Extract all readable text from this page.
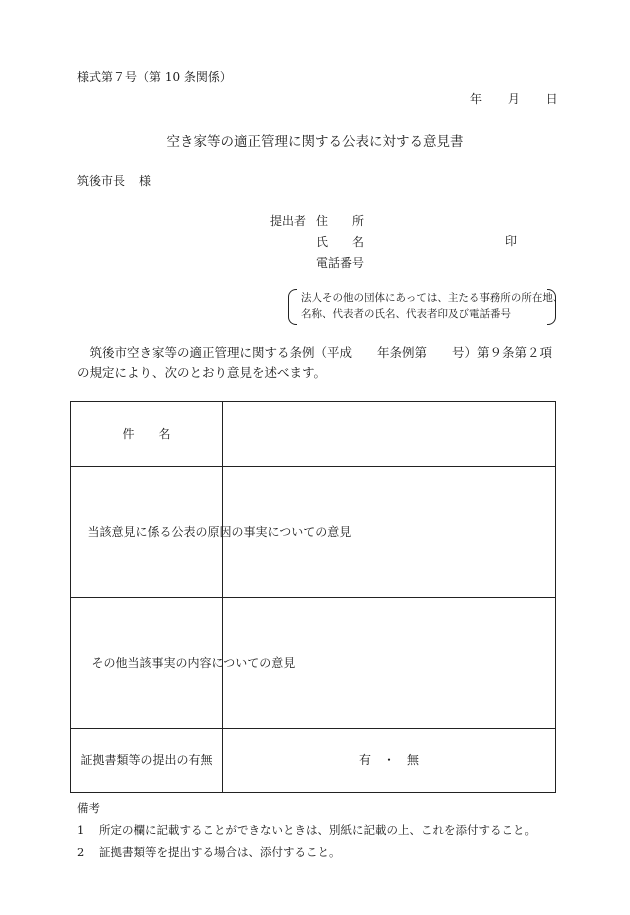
様式第７号（第 10 条関係）
年 月 日
空き家等の適正管理に関する公表に対する意見書
筑後市長 様
提出者 住　　所
氏　　名
電話番号
印
法人その他の団体にあっては、主たる事務所の所在地、
名称、代表者の氏名、代表者印及び電話番号
　筑後市空き家等の適正管理に関する条例（平成　　年条例第　　号）第９条第２項の規定により、次のとおり意見を述べます。
件　　名	

当該意見に係る公表の原因の事実についての意見	

その他当該事実の内容についての意見	

証拠書類等の提出の有無	有　・　無
備考
1 所定の欄に記載することができないときは、別紙に記載の上、これを添付すること。
2 証拠書類等を提出する場合は、添付すること。
